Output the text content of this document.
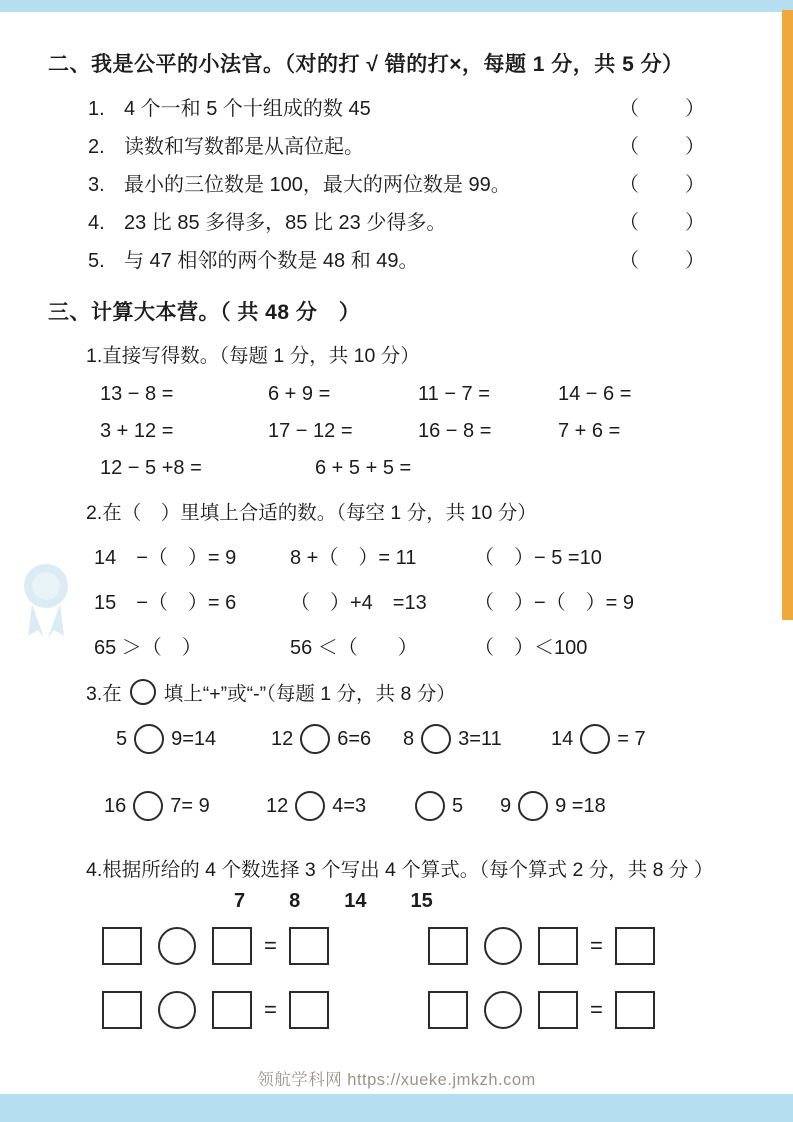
二、我是公平的小法官。（对的打 √ 错的打×，每题 1 分，共 5 分）
1. 4 个一和 5 个十组成的数 45	（　　）
2. 读数和写数都是从高位起。	（　　）
3. 最小的三位数是 100，最大的两位数是 99。	（　　）
4. 23 比 85 多得多，85 比 23 少得多。	（　　）
5. 与 47 相邻的两个数是 48 和 49。	（　　）
三、计算大本营。（ 共 48 分　）
1.直接写得数。（每题 1 分，共 10 分）
13 − 8 =	6 + 9 =	11 − 7 =	14 − 6 =
3 + 12 =	17 − 12 =	16 − 8 =	7 + 6 =
12 − 5 +8 =	6 + 5 + 5 =
2.在（　）里填上合适的数。（每空 1 分，共 10 分）
14　−（　）= 9	8 +（　）= 11	（　）− 5 =10
15　−（　）= 6	（　）+4　=13	（　）−（　）= 9
65 ＞（　）	56 ＜（　　）	（　）＜100
3.在 填上“+”或“-”（每题 1 分，共 8 分）
5 9=14	12 6=6 8 3=11 14 = 7
16 7= 9	12 4=3	5 9 9 =18
4.根据所给的 4 个数选择 3 个写出 4 个算式。（每个算式 2 分，共 8 分 ）
7 8 14 15
=	=
=	=
领航学科网 https://xueke.jmkzh.com
